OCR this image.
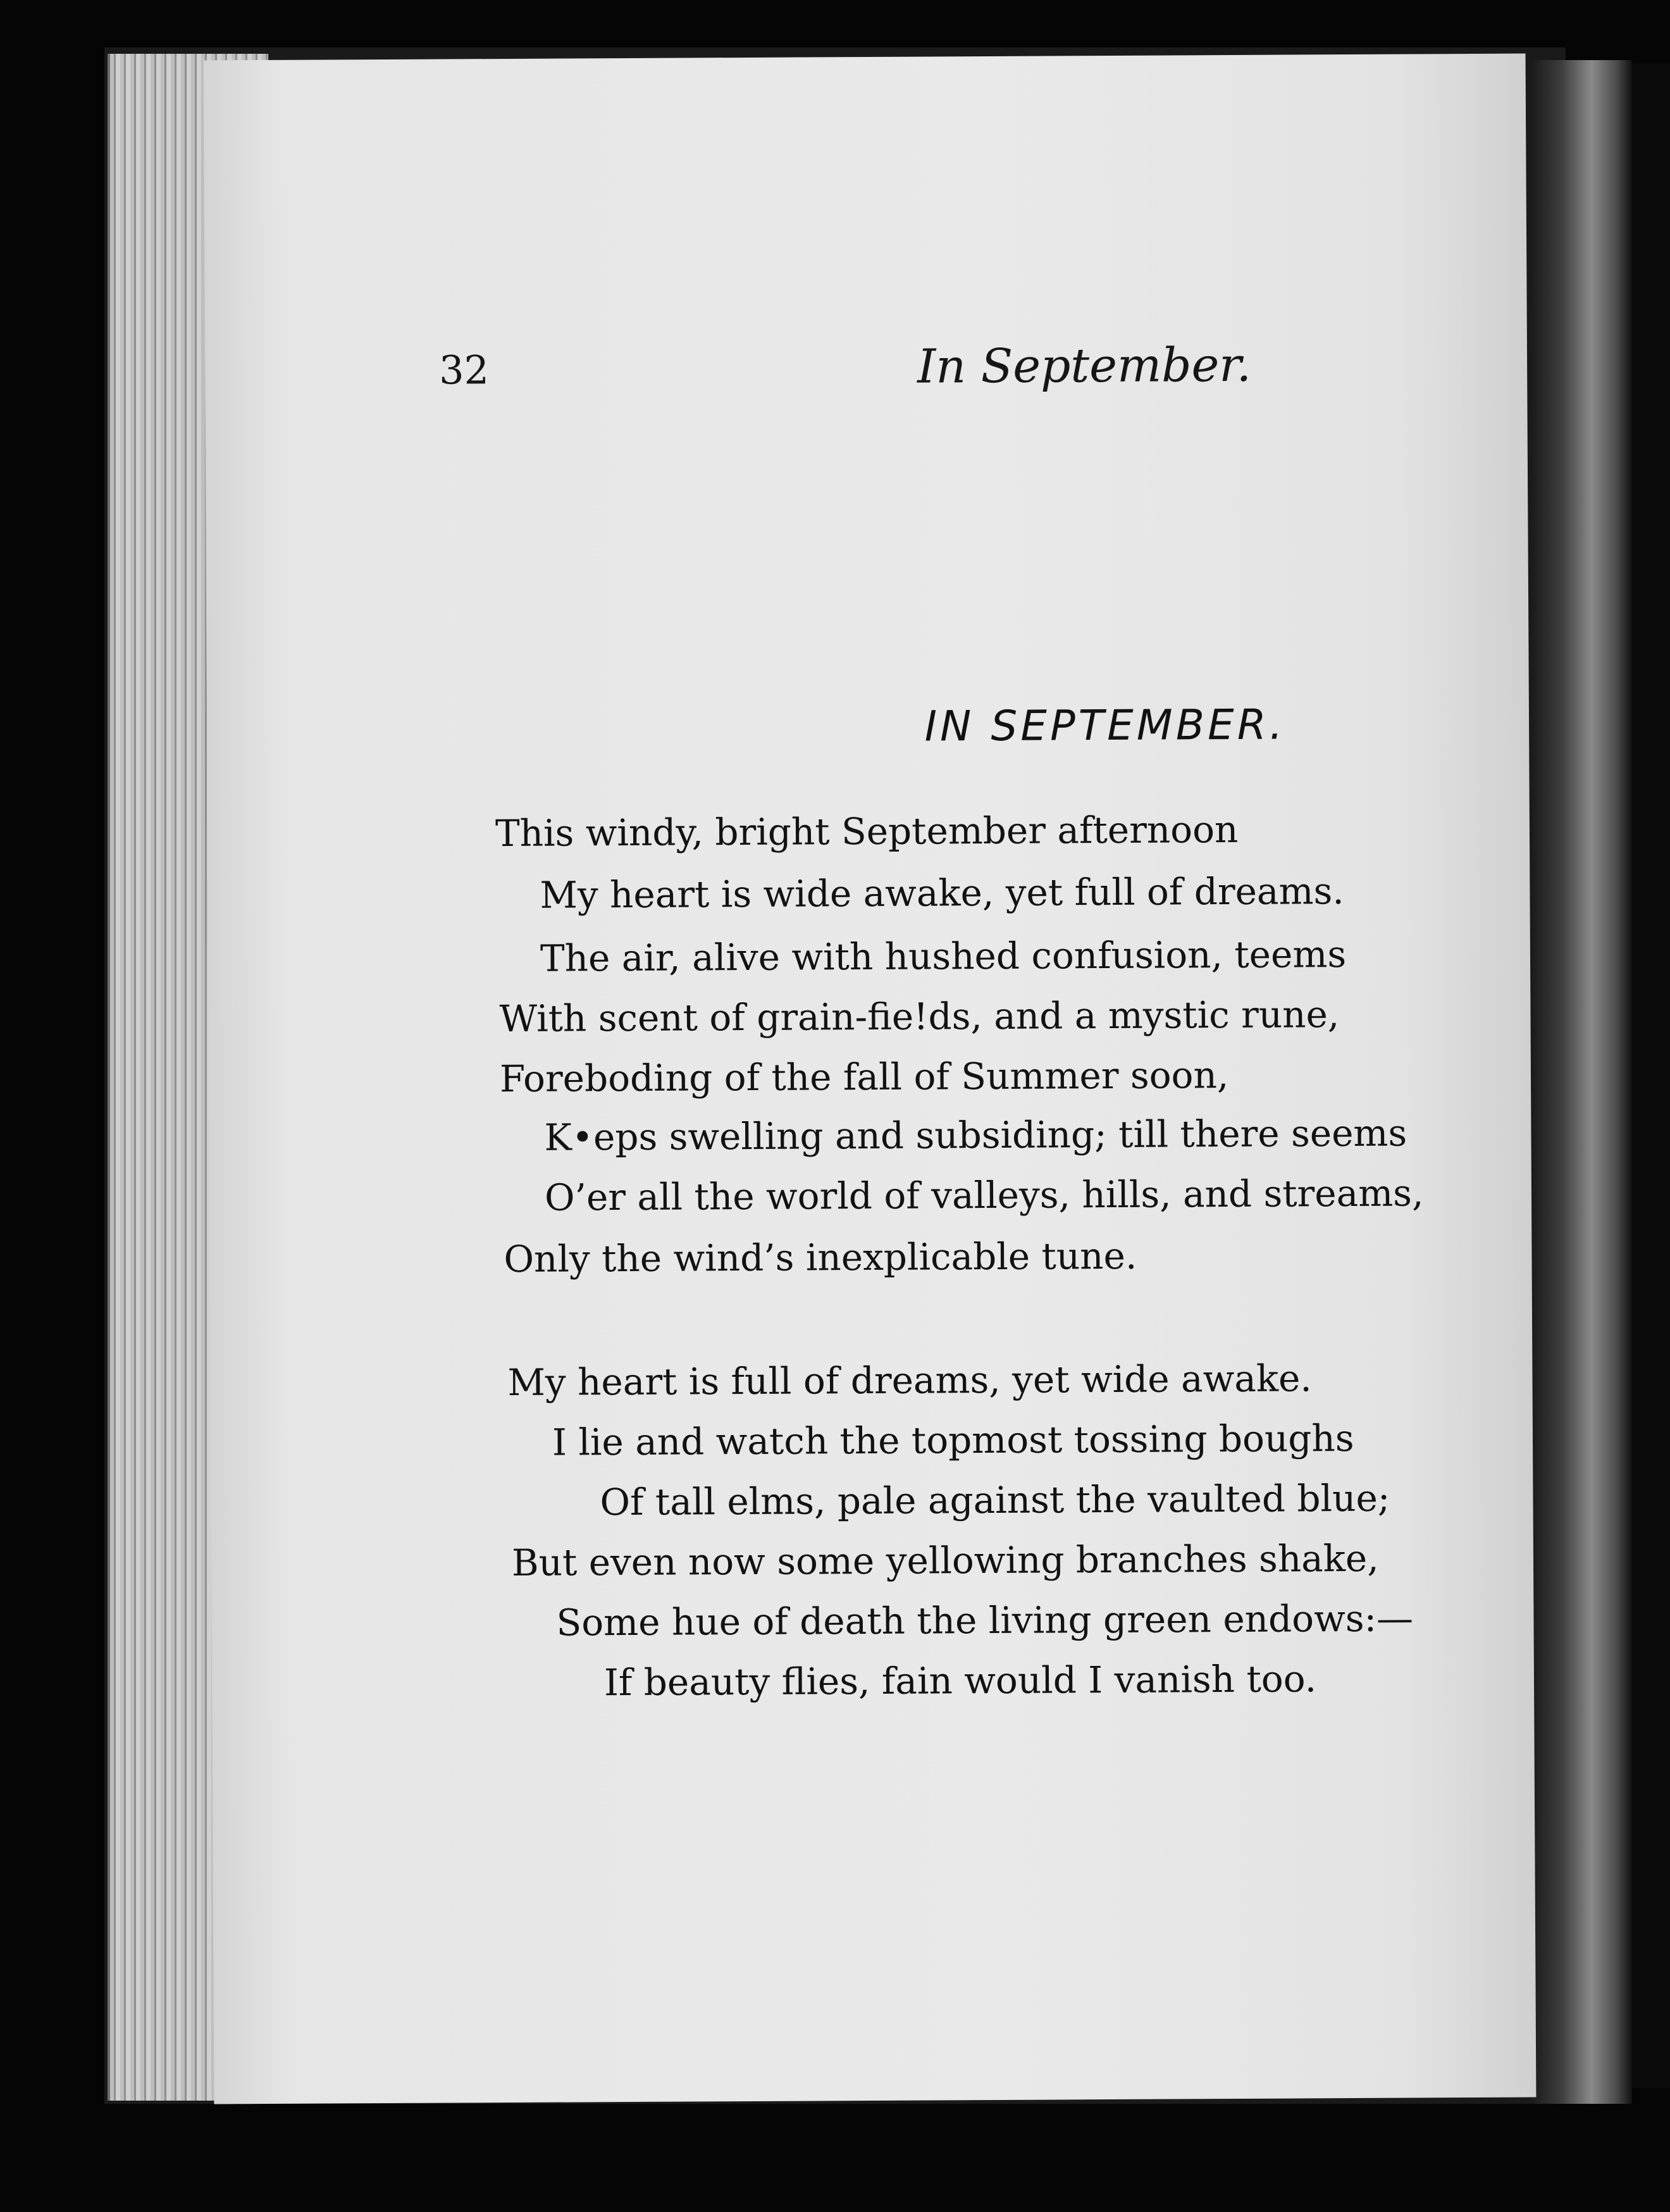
32	In September.
IN SEPTEMBER.
This windy, bright September afternoon
My heart is wide awake, yet full of dreams.
The air, alive with hushed confusion, teems
With scent of grain-fie!ds, and a mystic rune,
Foreboding of the fall of Summer soon,
K•eps swelling and subsiding; till there seems
O’er all the world of valleys, hills, and streams,
Only the wind’s inexplicable tune.
My heart is full of dreams, yet wide awake.
I lie and watch the topmost tossing boughs
Of tall elms, pale against the vaulted blue;
But even now some yellowing branches shake,
Some hue of death the living green endows:—
If beauty flies, fain would I vanish too.
